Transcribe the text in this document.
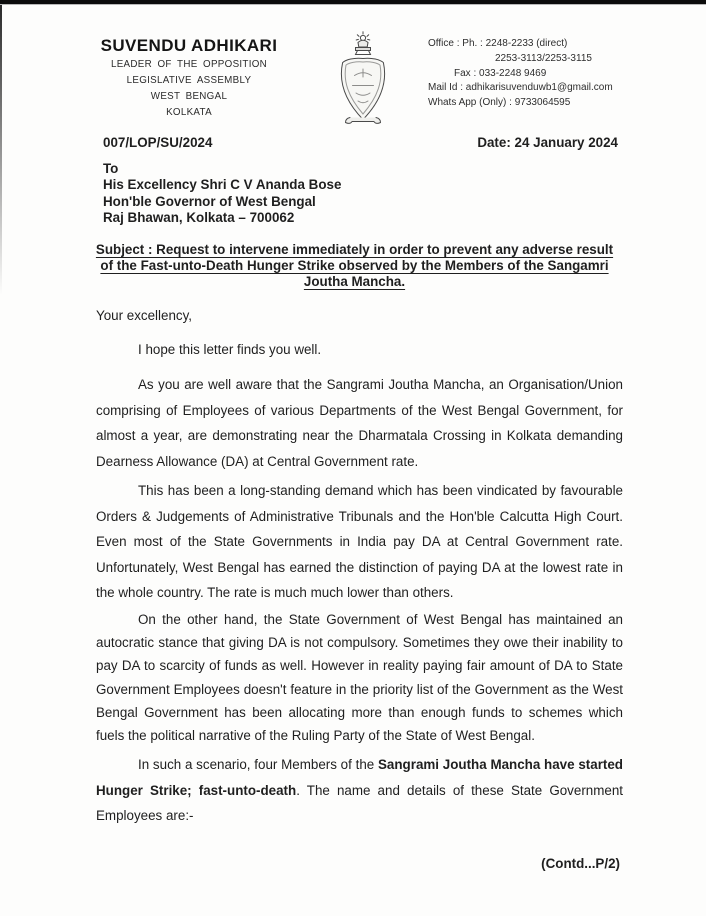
SUVENDU ADHIKARI
LEADER OF THE OPPOSITION
LEGISLATIVE ASSEMBLY
WEST BENGAL
KOLKATA
Office : Ph. : 2248-2233 (direct)
2253-3113/2253-3115
Fax : 033-2248 9469
Mail Id : adhikarisuvenduwb1@gmail.com
Whats App (Only) : 9733064595
007/LOP/SU/2024	Date: 24 January 2024
To
His Excellency Shri C V Ananda Bose
Hon'ble Governor of West Bengal
Raj Bhawan, Kolkata – 700062
Subject : Request to intervene immediately in order to prevent any adverse result
of the Fast-unto-Death Hunger Strike observed by the Members of the Sangamri
Joutha Mancha.
Your excellency,
I hope this letter finds you well.
As you are well aware that the Sangrami Joutha Mancha, an Organisation/Union comprising of Employees of various Departments of the West Bengal Government, for almost a year, are demonstrating near the Dharmatala Crossing in Kolkata demanding Dearness Allowance (DA) at Central Government rate.
This has been a long-standing demand which has been vindicated by favourable Orders & Judgements of Administrative Tribunals and the Hon'ble Calcutta High Court. Even most of the State Governments in India pay DA at Central Government rate. Unfortunately, West Bengal has earned the distinction of paying DA at the lowest rate in the whole country. The rate is much much lower than others.
On the other hand, the State Government of West Bengal has maintained an autocratic stance that giving DA is not compulsory. Sometimes they owe their inability to pay DA to scarcity of funds as well. However in reality paying fair amount of DA to State Government Employees doesn't feature in the priority list of the Government as the West Bengal Government has been allocating more than enough funds to schemes which fuels the political narrative of the Ruling Party of the State of West Bengal.
In such a scenario, four Members of the Sangrami Joutha Mancha have started Hunger Strike; fast-unto-death. The name and details of these State Government Employees are:-
(Contd...P/2)
